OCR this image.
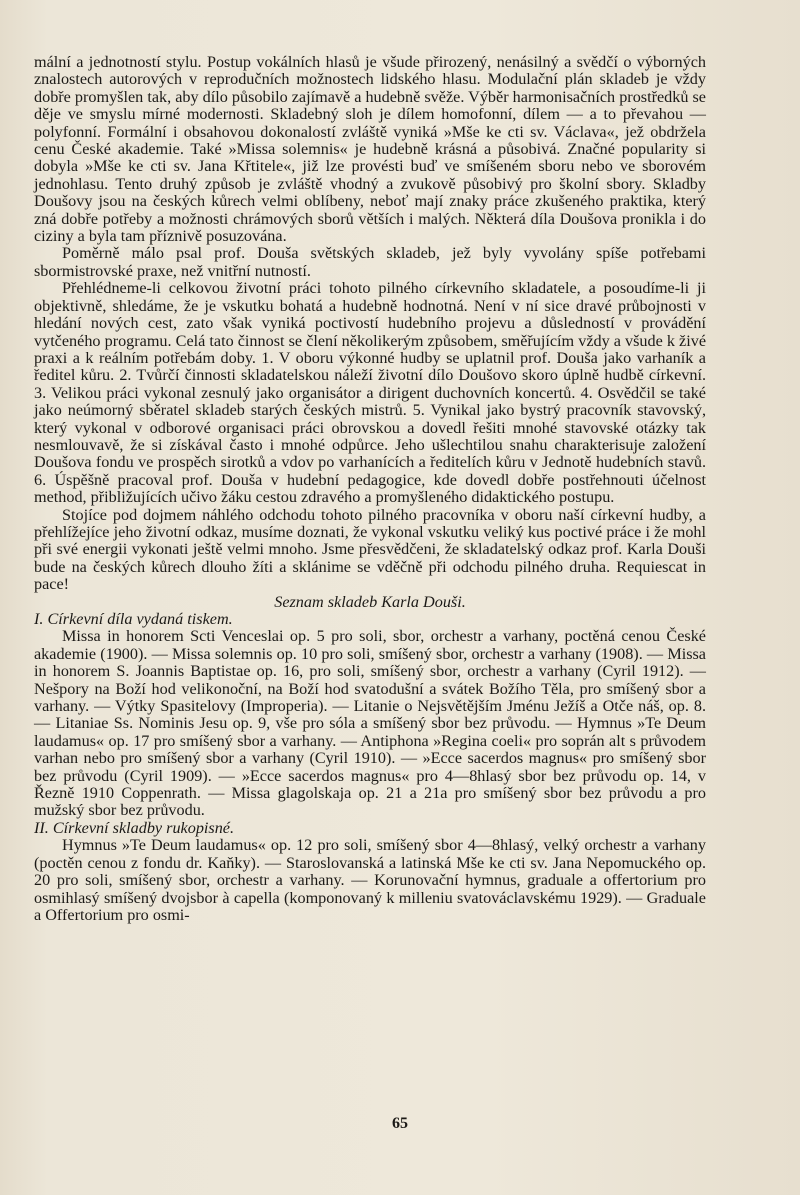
mální a jednotností stylu. Postup vokálních hlasů je všude přirozený, nenásilný a svědčí o výborných znalostech autorových v reprodučních možnostech lidského hlasu. Modulační plán skladeb je vždy dobře promyšlen tak, aby dílo působilo zajímavě a hudebně svěže. Výběr harmonisačních prostředků se děje ve smyslu mírné modernosti. Skladebný sloh je dílem homofonní, dílem — a to převahou — polyfonní. Formální i obsahovou dokonalostí zvláště vyniká »Mše ke cti sv. Václava«, jež obdržela cenu České akademie. Také »Missa solemnis« je hudebně krásná a působivá. Značné popularity si dobyla »Mše ke cti sv. Jana Křtitele«, již lze provésti buď ve smíšeném sboru nebo ve sborovém jednohlasu. Tento druhý způsob je zvláště vhodný a zvukově působivý pro školní sbory. Skladby Doušovy jsou na českých kůrech velmi oblíbeny, neboť mají znaky práce zkušeného praktika, který zná dobře potřeby a možnosti chrámových sborů větších i malých. Některá díla Doušova pronikla i do ciziny a byla tam příznivě posuzována.

Poměrně málo psal prof. Douša světských skladeb, jež byly vyvolány spíše potřebami sbormistrovské praxe, než vnitřní nutností.

Přehlédneme-li celkovou životní práci tohoto pilného církevního skladatele, a posoudíme-li ji objektivně, shledáme, že je vskutku bohatá a hudebně hodnotná. Není v ní sice dravé průbojnosti v hledání nových cest, zato však vyniká poctivostí hudebního projevu a důsledností v provádění vytčeného programu. Celá tato činnost se člení několikerým způsobem, směřujícím vždy a všude k živé praxi a k reálním potřebám doby. 1. V oboru výkonné hudby se uplatnil prof. Douša jako varhaník a ředitel kůru. 2. Tvůrčí činnosti skladatelskou náleží životní dílo Doušovo skoro úplně hudbě církevní. 3. Velikou práci vykonal zesnulý jako organisátor a dirigent duchovních koncertů. 4. Osvědčil se také jako neúmorný sběratel skladeb starých českých mistrů. 5. Vynikal jako bystrý pracovník stavovský, který vykonal v odborové organisaci práci obrovskou a dovedl řešiti mnohé stavovské otázky tak nesmlouvavě, že si získával často i mnohé odpůrce. Jeho ušlechtilou snahu charakterisuje založení Doušova fondu ve prospěch sirotků a vdov po varhanících a ředitelích kůru v Jednotě hudebních stavů. 6. Úspěšně pracoval prof. Douša v hudební pedagogice, kde dovedl dobře postřehnouti účelnost method, přibližujících učivo žáku cestou zdravého a promyšleného didaktického postupu.

Stojíce pod dojmem náhlého odchodu tohoto pilného pracovníka v oboru naší církevní hudby, a přehlížejíce jeho životní odkaz, musíme doznati, že vykonal vskutku veliký kus poctivé práce i že mohl při své energii vykonati ještě velmi mnoho. Jsme přesvědčeni, že skladatelský odkaz prof. Karla Douši bude na českých kůrech dlouho žíti a sklánime se vděčně při odchodu pilného druha. Requiescat in pace!

Seznam skladeb Karla Douši.

I. Církevní díla vydaná tiskem.

Missa in honorem Scti Venceslai op. 5 pro soli, sbor, orchestr a varhany, poctěná cenou České akademie (1900). — Missa solemnis op. 10 pro soli, smíšený sbor, orchestr a varhany (1908). — Missa in honorem S. Joannis Baptistae op. 16, pro soli, smíšený sbor, orchestr a varhany (Cyril 1912). — Nešpory na Boží hod velikonoční, na Boží hod svatodušní a svátek Božího Těla, pro smíšený sbor a varhany. — Výtky Spasitelovy (Improperia). — Litanie o Nejsvětějším Jménu Ježíš a Otče náš, op. 8. — Litaniae Ss. Nominis Jesu op. 9, vše pro sóla a smíšený sbor bez průvodu. — Hymnus »Te Deum laudamus« op. 17 pro smíšený sbor a varhany. — Antiphona »Regina coeli« pro soprán alt s průvodem varhan nebo pro smíšený sbor a varhany (Cyril 1910). — »Ecce sacerdos magnus« pro smíšený sbor bez průvodu (Cyril 1909). — »Ecce sacerdos magnus« pro 4—8hlasý sbor bez průvodu op. 14, v Řezně 1910 Coppenrath. — Missa glagolskaja op. 21 a 21a pro smíšený sbor bez průvodu a pro mužský sbor bez průvodu.

II. Církevní skladby rukopisné.

Hymnus »Te Deum laudamus« op. 12 pro soli, smíšený sbor 4—8hlasý, velký orchestr a varhany (poctěn cenou z fondu dr. Kaňky). — Staroslovanská a latinská Mše ke cti sv. Jana Nepomuckého op. 20 pro soli, smíšený sbor, orchestr a varhany. — Korunovační hymnus, graduale a offertorium pro osmihlasý smíšený dvojsbor à capella (komponovaný k milleniu svatováclavskému 1929). — Graduale a Offertorium pro osmi-

65
